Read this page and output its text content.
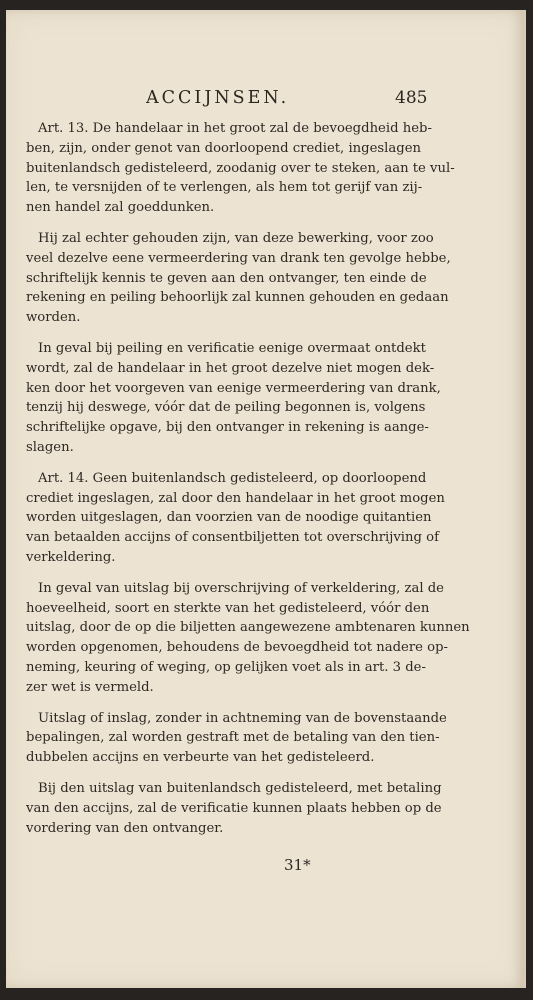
ACCIJNSEN.	485

Art. 13. De handelaar in het groot zal de bevoegdheid heb-
ben, zijn, onder genot van doorloopend crediet, ingeslagen
buitenlandsch gedisteleerd, zoodanig over te steken, aan te vul-
len, te versnijden of te verlengen, als hem tot gerijf van zij-
nen handel zal goeddunken.

Hij zal echter gehouden zijn, van deze bewerking, voor zoo
veel dezelve eene vermeerdering van drank ten gevolge hebbe,
schriftelijk kennis te geven aan den ontvanger, ten einde de
rekening en peiling behoorlijk zal kunnen gehouden en gedaan
worden.

In geval bij peiling en verificatie eenige overmaat ontdekt
wordt, zal de handelaar in het groot dezelve niet mogen dek-
ken door het voorgeven van eenige vermeerdering van drank,
tenzij hij deswege, vóór dat de peiling begonnen is, volgens
schriftelijke opgave, bij den ontvanger in rekening is aange-
slagen.

Art. 14. Geen buitenlandsch gedisteleerd, op doorloopend
crediet ingeslagen, zal door den handelaar in het groot mogen
worden uitgeslagen, dan voorzien van de noodige quitantien
van betaalden accijns of consentbiljetten tot overschrijving of
verkeldering.

In geval van uitslag bij overschrijving of verkeldering, zal de
hoeveelheid, soort en sterkte van het gedisteleerd, vóór den
uitslag, door de op die biljetten aangewezene ambtenaren kunnen
worden opgenomen, behoudens de bevoegdheid tot nadere op-
neming, keuring of weging, op gelijken voet als in art. 3 de-
zer wet is vermeld.

Uitslag of inslag, zonder in achtneming van de bovenstaande
bepalingen, zal worden gestraft met de betaling van den tien-
dubbelen accijns en verbeurte van het gedisteleerd.

Bij den uitslag van buitenlandsch gedisteleerd, met betaling
van den accijns, zal de verificatie kunnen plaats hebben op de
vordering van den ontvanger.

31*
